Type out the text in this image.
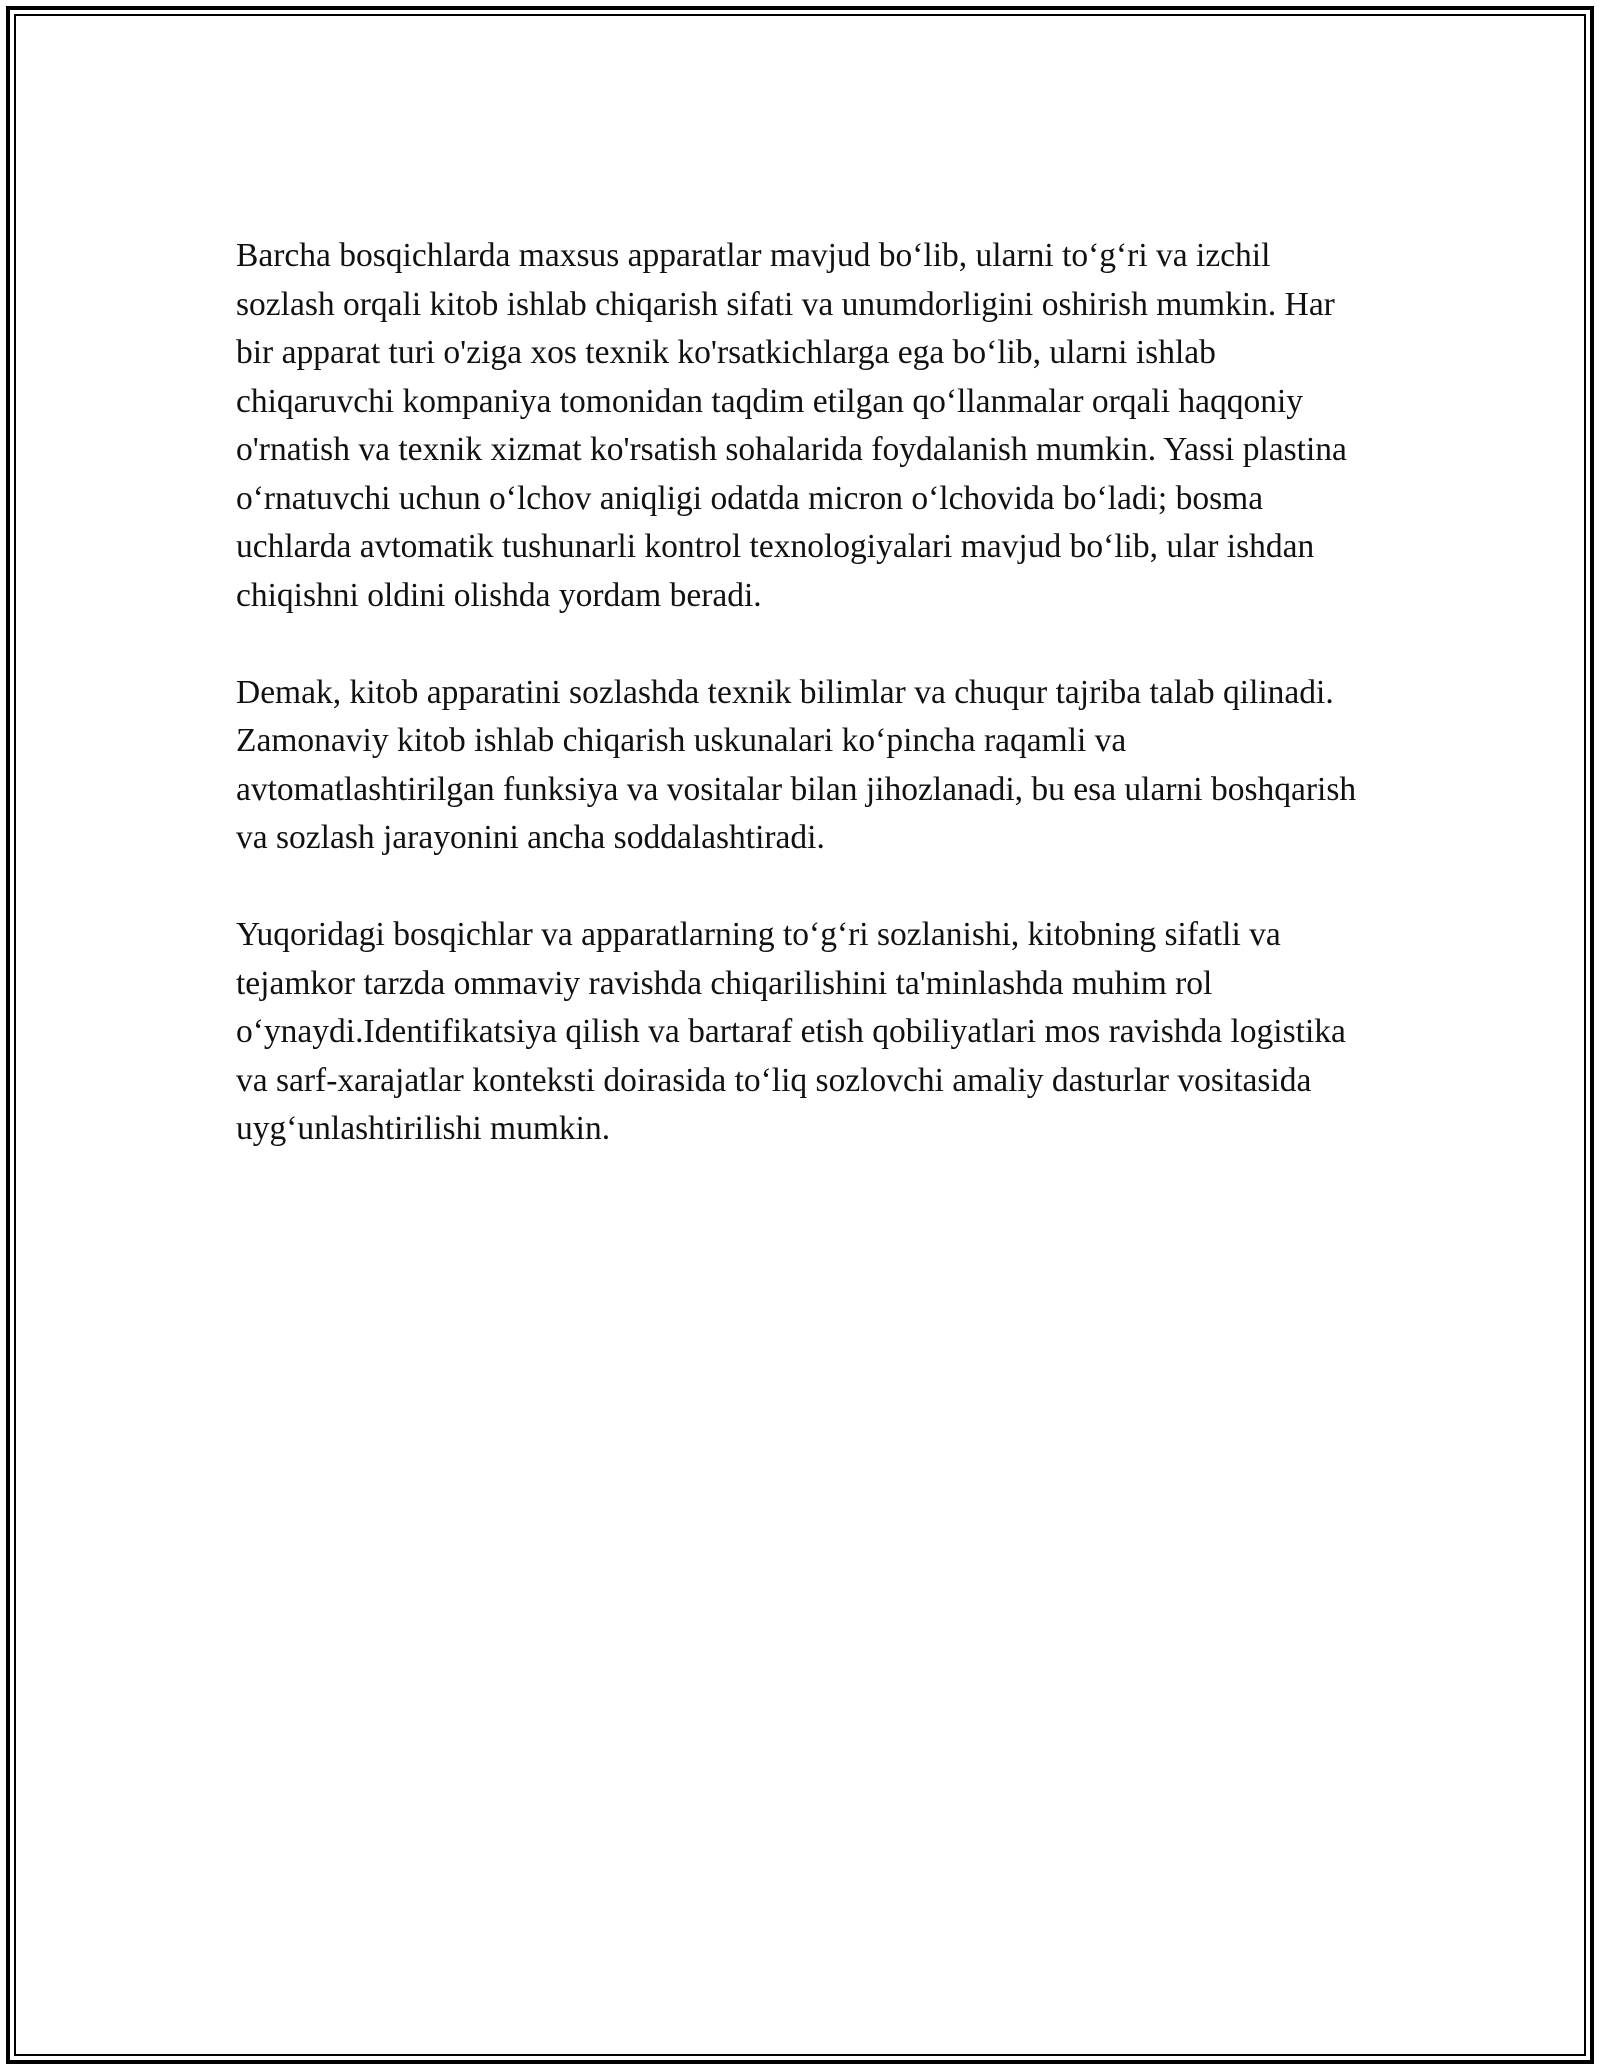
Barcha bosqichlarda maxsus apparatlar mavjud bo‘lib, ularni to‘g‘ri va izchil sozlash orqali kitob ishlab chiqarish sifati va unumdorligini oshirish mumkin. Har bir apparat turi o'ziga xos texnik ko'rsatkichlarga ega bo‘lib, ularni ishlab chiqaruvchi kompaniya tomonidan taqdim etilgan qo‘llanmalar orqali haqqoniy o'rnatish va texnik xizmat ko'rsatish sohalarida foydalanish mumkin. Yassi plastina o‘rnatuvchi uchun o‘lchov aniqligi odatda micron o‘lchovida bo‘ladi; bosma uchlarda avtomatik tushunarli kontrol texnologiyalari mavjud bo‘lib, ular ishdan chiqishni oldini olishda yordam beradi.

Demak, kitob apparatini sozlashda texnik bilimlar va chuqur tajriba talab qilinadi. Zamonaviy kitob ishlab chiqarish uskunalari ko‘pincha raqamli va avtomatlashtirilgan funksiya va vositalar bilan jihozlanadi, bu esa ularni boshqarish va sozlash jarayonini ancha soddalashtiradi.

Yuqoridagi bosqichlar va apparatlarning to‘g‘ri sozlanishi, kitobning sifatli va tejamkor tarzda ommaviy ravishda chiqarilishini ta'minlashda muhim rol o‘ynaydi.Identifikatsiya qilish va bartaraf etish qobiliyatlari mos ravishda logistika va sarf-xarajatlar konteksti doirasida to‘liq sozlovchi amaliy dasturlar vositasida uyg‘unlashtirilishi mumkin.
